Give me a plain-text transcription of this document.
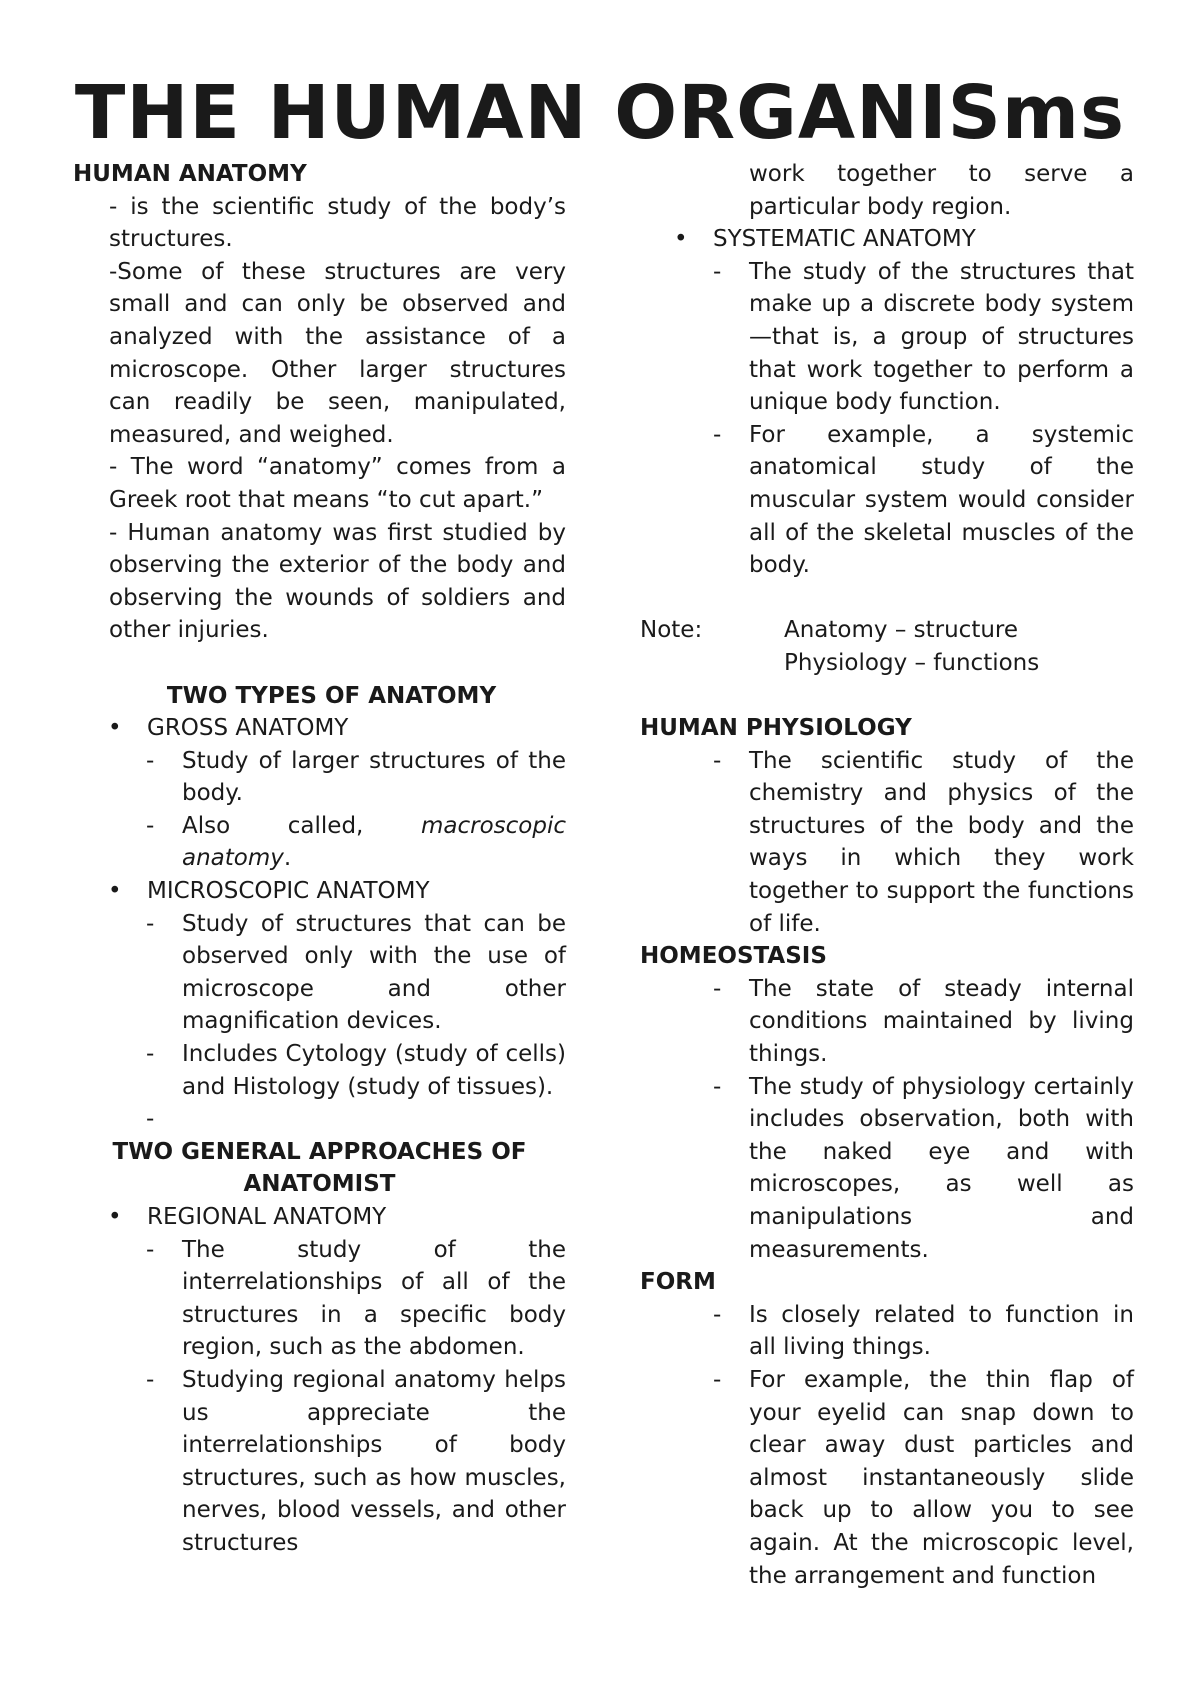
THE HUMAN ORGANISms
HUMAN ANATOMY
- is the scientific study of the body’s structures.
-Some of these structures are very small and can only be observed and analyzed with the assistance of a microscope. Other larger structures can readily be seen, manipulated, measured, and weighed.
- The word “anatomy” comes from a Greek root that means “to cut apart.”
- Human anatomy was first studied by observing the exterior of the body and observing the wounds of soldiers and other injuries.
TWO TYPES OF ANATOMY
• GROSS ANATOMY
- Study of larger structures of the body.
- Also called, macroscopic anatomy.
• MICROSCOPIC ANATOMY
- Study of structures that can be observed only with the use of microscope and other magnification devices.
- Includes Cytology (study of cells) and Histology (study of tissues).
-
TWO GENERAL APPROACHES OF
ANATOMIST
• REGIONAL ANATOMY
- The study of the interrelationships of all of the structures in a specific body region, such as the abdomen.
- Studying regional anatomy helps us appreciate the interrelationships of body structures, such as how muscles, nerves, blood vessels, and other structures
work together to serve a particular body region.
• SYSTEMATIC ANATOMY
- The study of the structures that make up a discrete body system—that is, a group of structures that work together to perform a unique body function.
- For example, a systemic anatomical study of the muscular system would consider all of the skeletal muscles of the body.
Note:	Anatomy – structure
Physiology – functions
HUMAN PHYSIOLOGY
- The scientific study of the chemistry and physics of the structures of the body and the ways in which they work together to support the functions of life.
HOMEOSTASIS
- The state of steady internal conditions maintained by living things.
- The study of physiology certainly includes observation, both with the naked eye and with microscopes, as well as manipulations and measurements.
FORM
- Is closely related to function in all living things.
- For example, the thin flap of your eyelid can snap down to clear away dust particles and almost instantaneously slide back up to allow you to see again. At the microscopic level, the arrangement and function
